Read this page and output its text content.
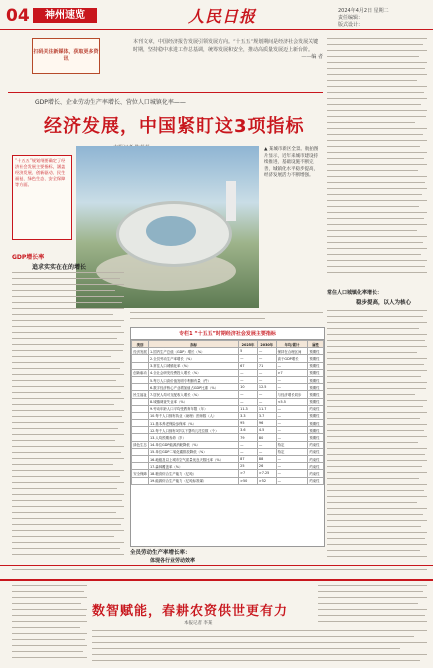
04	神州速览	人民日报	2024年4月2日 星期二
责任编辑：
版式设计：
扫码关注新媒体，获取更多资讯
本刊文章，中国经济报告发展引领发展方向。“十五五”规划期间是经济社会发展关键时期，坚持稳中求进工作总基调，统筹发展和安全，推动高质量发展迈上新台阶。
——编 者
GDP增长、企业劳动生产率增长、营位人口城镇化率——
经济发展，中国紧盯这3项指标

“十五五”规划纲要确定了经济社会发展主要指标，涵盖经济发展、创新驱动、民生福祉、绿色生态、安全保障等方面。

▲ 某城市新区全景。航拍图片显示，近年来城市建设持续推进，基础设施不断完善，城镇化水平稳步提高，经济发展活力不断增强。
GDP增长率
追求实实在在的增长
常住人口城镇化率增长：
稳步提高，以人为核心
专栏1 “十五五”时期经济社会发展主要指标
类别	指标	2025年	2030年	年均/累计	属性
经济发展	1.国内生产总值（GDP）增长（%）	5	—	保持在合理区间	预期性
	2.全员劳动生产率增长（%）	—	—	高于GDP增长	预期性
	3.常住人口城镇化率（%）	67	71	—	预期性
创新驱动	4.全社会研发经费投入增长（%）	—	—	>7	预期性
	5.每万人口高价值发明专利拥有量（件）	—	—	—	预期性
	6.数字经济核心产业增加值占GDP比重（%）	10	12.5	—	预期性
民生福祉	7.居民人均可支配收入增长（%）	—	—	与经济增长同步	预期性
	8.城镇调查失业率（%）	—	—	<5.5	预期性
	9.劳动年龄人口平均受教育年限（年）	11.3	11.7	—	约束性
	10.每千人口拥有执业（助理）医师数（人）	3.3	3.7	—	预期性
	11.基本养老保险参保率（%）	95	96	—	预期性
	12.每千人口拥有3岁以下婴幼儿托位数（个）	3.6	4.5	—	预期性
	13.人均预期寿命（岁）	79	80	—	预期性
绿色生态	14.单位GDP能源消耗降低（%）	—	—	待定	约束性
	15.单位GDP二氧化碳排放降低（%）	—	—	待定	约束性
	16.地级及以上城市空气质量优良天数比率（%）	87	88	—	约束性
	17.森林覆盖率（%）	25	26	—	约束性
安全保障	18.粮食综合生产能力（亿吨）	>7	>7.25	—	约束性
	19.能源综合生产能力（亿吨标准煤）	>50	>52	—	约束性
全员劳动生产率增长率：
体现各行业劳动效率
数智赋能，春耕农资供世更有力
本报记者 李某
